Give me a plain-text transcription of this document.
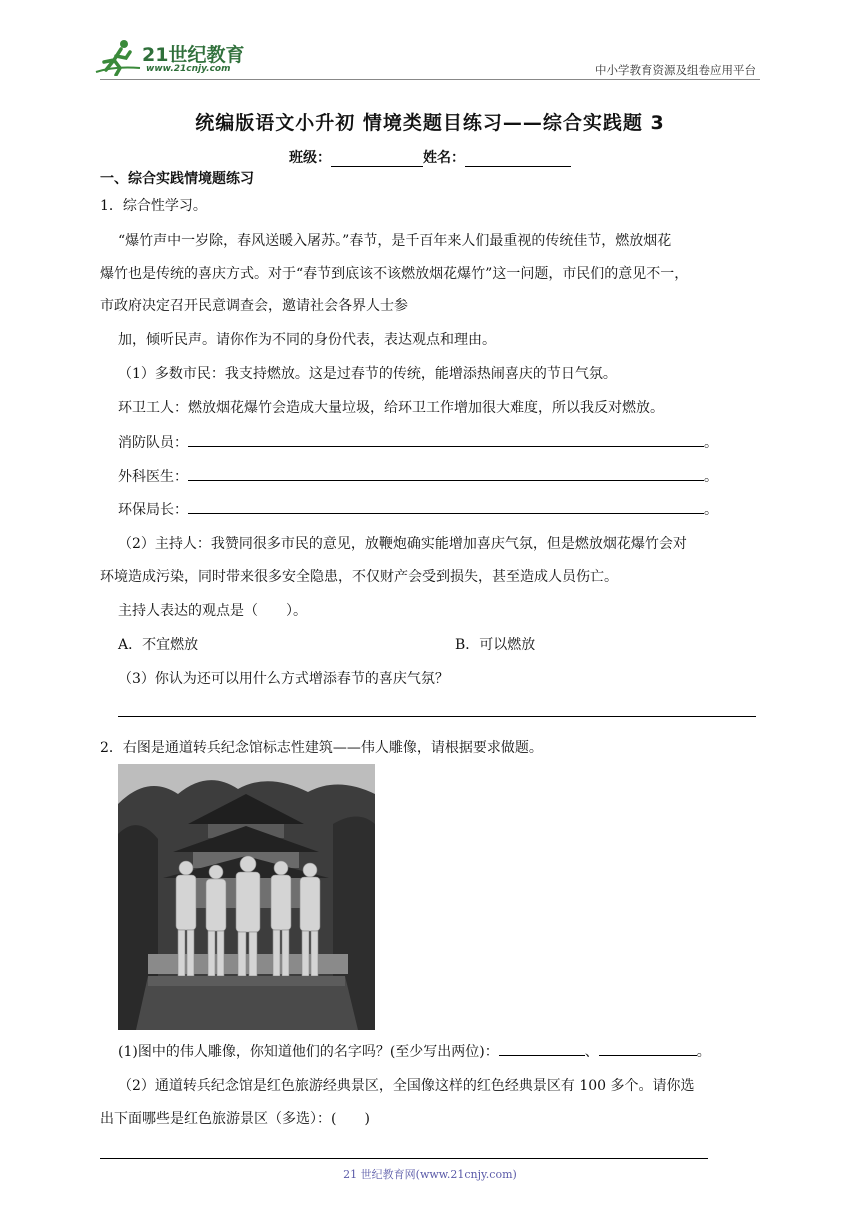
21世纪教育
www.21cnjy.com	中小学教育资源及组卷应用平台
统编版语文小升初 情境类题目练习——综合实践题 3
班级：	姓名：
一、综合实践情境题练习
1．综合性学习。
“爆竹声中一岁除，春风送暖入屠苏。”春节，是千百年来人们最重视的传统佳节，燃放烟花
爆竹也是传统的喜庆方式。对于“春节到底该不该燃放烟花爆竹”这一问题，市民们的意见不一，
市政府决定召开民意调查会，邀请社会各界人士参
加，倾听民声。请你作为不同的身份代表，表达观点和理由。
（1）多数市民：我支持燃放。这是过春节的传统，能增添热闹喜庆的节日气氛。
环卫工人：燃放烟花爆竹会造成大量垃圾，给环卫工作增加很大难度，所以我反对燃放。
消防队员：	。
外科医生：	。
环保局长：	。
（2）主持人：我赞同很多市民的意见，放鞭炮确实能增加喜庆气氛，但是燃放烟花爆竹会对
环境造成污染，同时带来很多安全隐患，不仅财产会受到损失，甚至造成人员伤亡。
主持人表达的观点是（　　）。
A．不宜燃放	B．可以燃放
（3）你认为还可以用什么方式增添春节的喜庆气氛？
2．右图是通道转兵纪念馆标志性建筑——伟人雕像，请根据要求做题。
(1)图中的伟人雕像，你知道他们的名字吗？(至少写出两位)：	、	。
（2）通道转兵纪念馆是红色旅游经典景区，全国像这样的红色经典景区有 100 多个。请你选
出下面哪些是红色旅游景区（多选）：(　　)
21 世纪教育网(www.21cnjy.com)
